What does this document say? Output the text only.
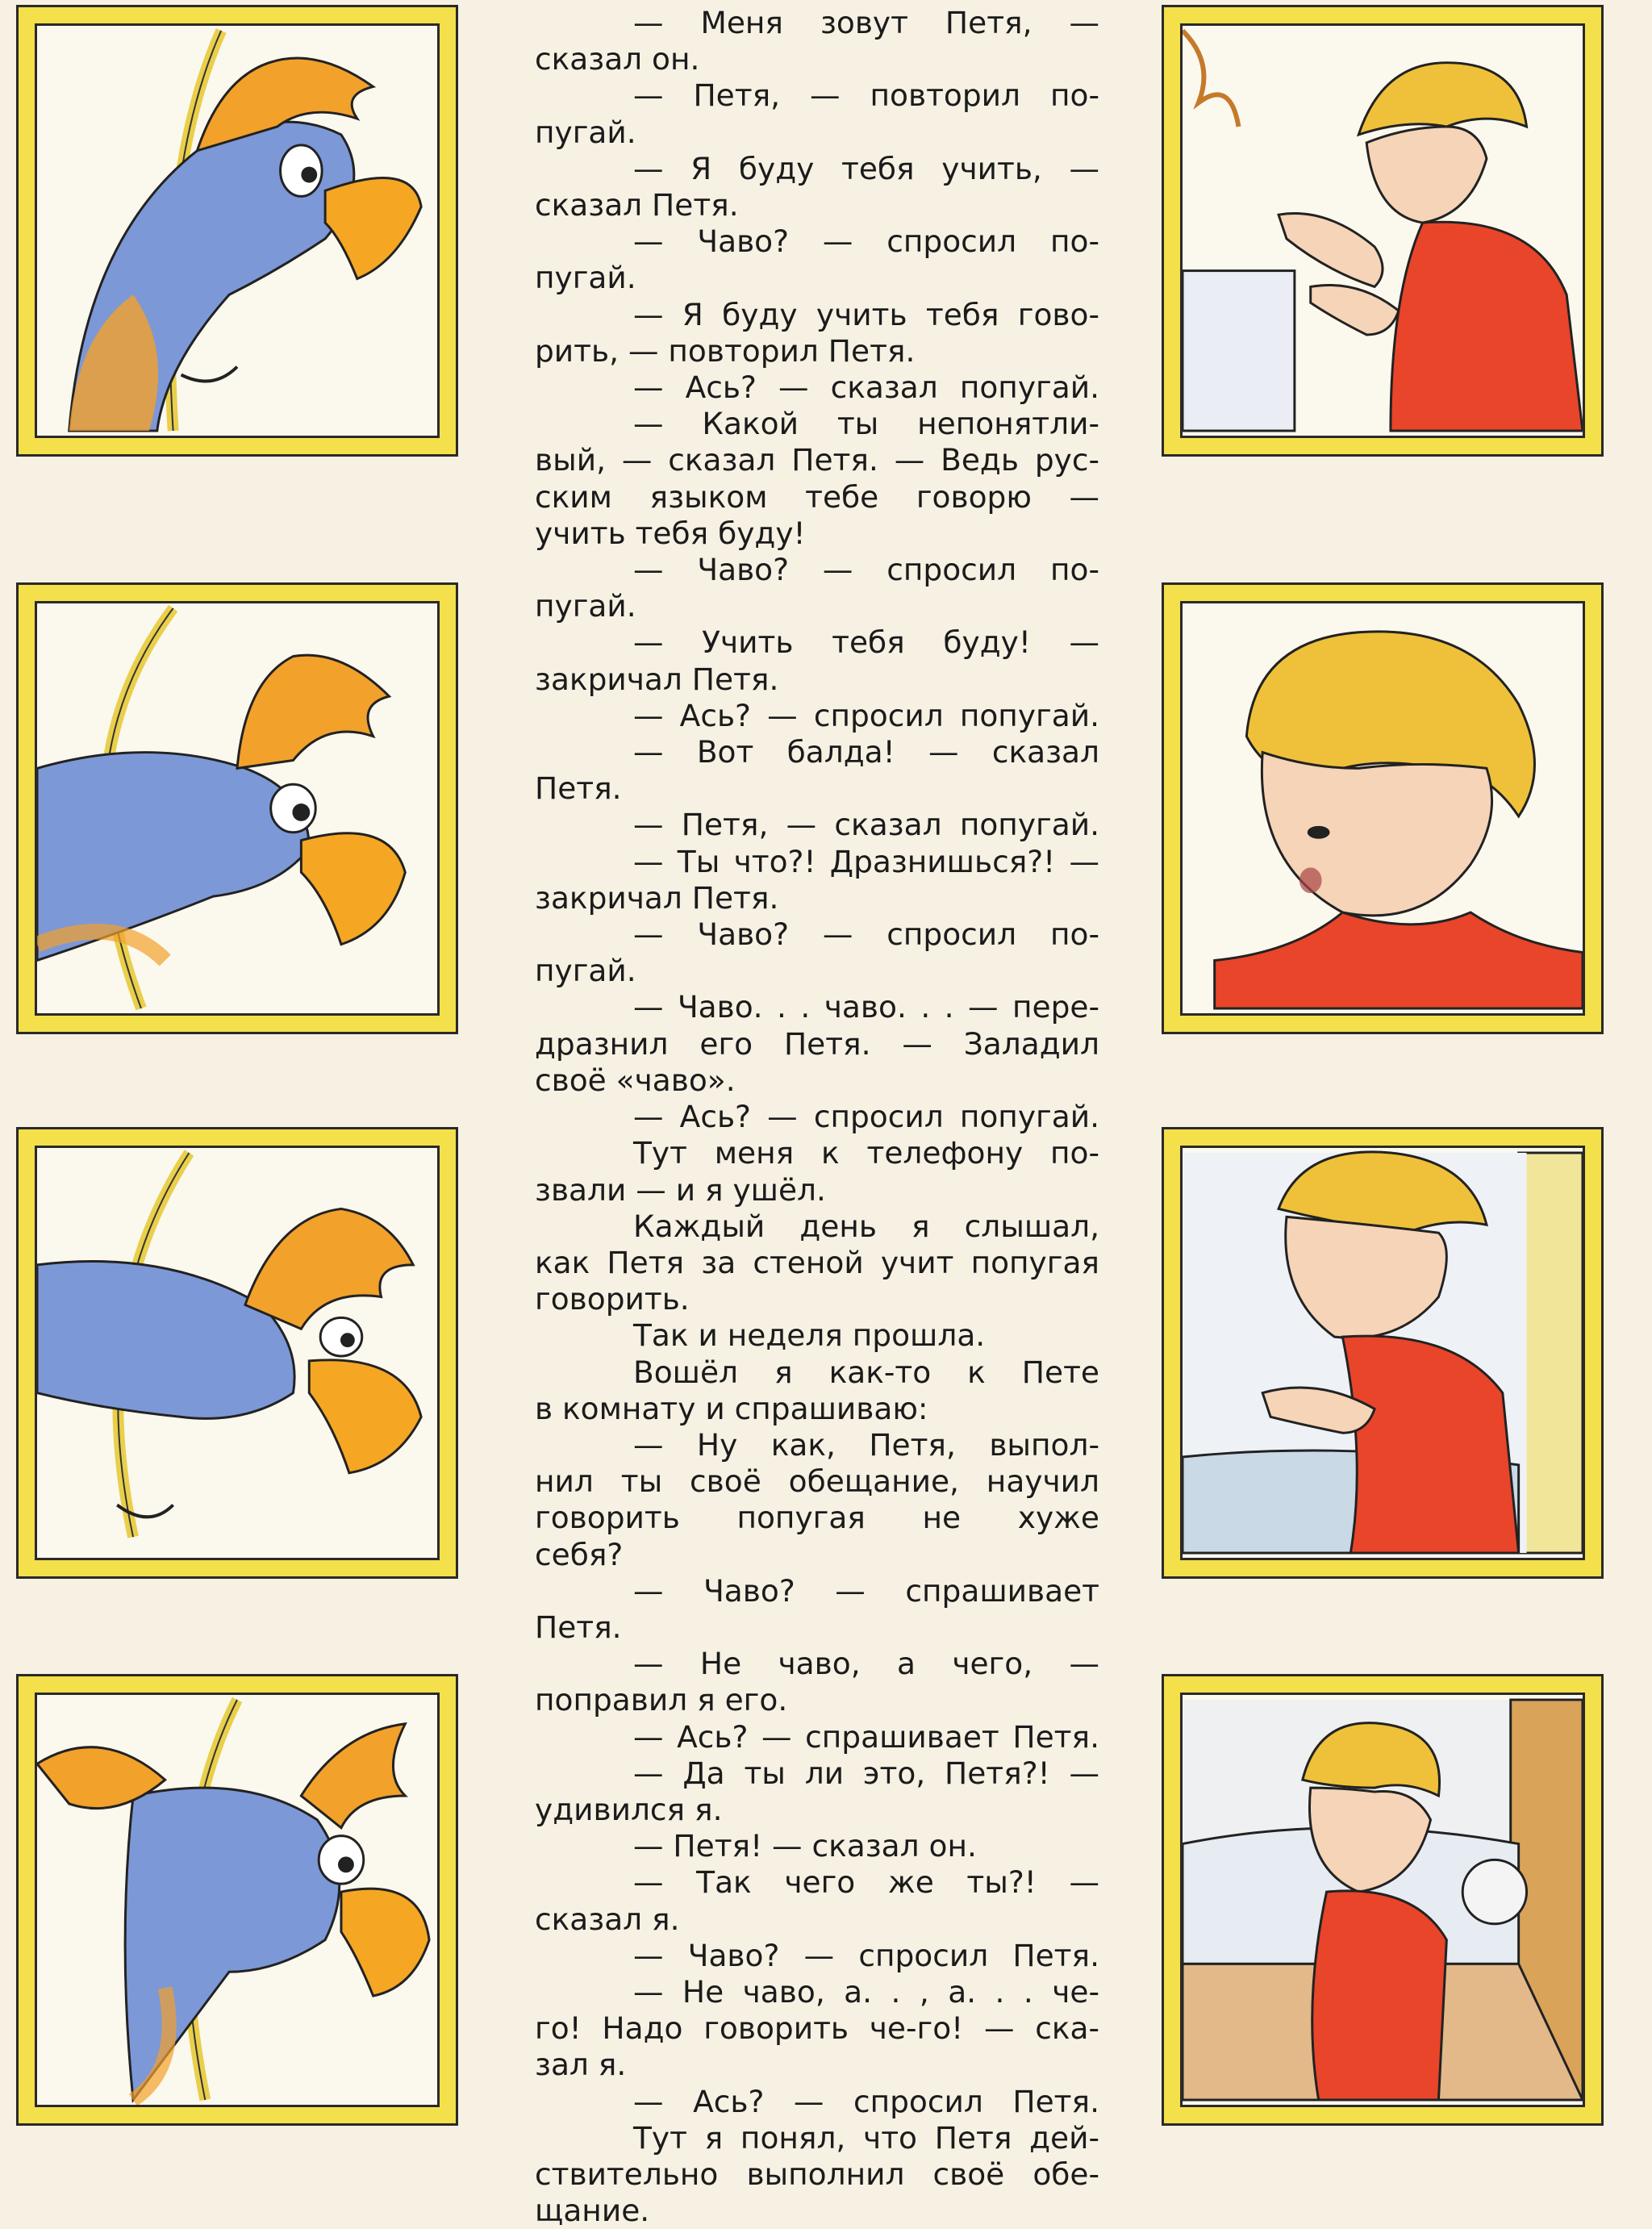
— Меня зовут Петя, —

сказал он.

— Петя, — повторил по-

пугай.

— Я буду тебя учить, —

сказал Петя.

— Чаво? — спросил по-

пугай.

— Я буду учить тебя гово-

рить, — повторил Петя.

— Ась? — сказал попугай.

— Какой ты непонятли-

вый, — сказал Петя. — Ведь рус-

ским языком тебе говорю —

учить тебя буду!

— Чаво? — спросил по-

пугай.

— Учить тебя буду! —

закричал Петя.

— Ась? — спросил попугай.

— Вот балда! — сказал

Петя.

— Петя, — сказал попугай.

— Ты что?! Дразнишься?! —

закричал Петя.

— Чаво? — спросил по-

пугай.

— Чаво. . . чаво. . . — пере-

дразнил его Петя. — Заладил

своё «чаво».

— Ась? — спросил попугай.

Тут меня к телефону по-

звали — и я ушёл.

Каждый день я слышал,

как Петя за стеной учит попугая

говорить.

Так и неделя прошла.

Вошёл я как-то к Пете

в комнату и спрашиваю:

— Ну как, Петя, выпол-

нил ты своё обещание, научил

говорить попугая не хуже

себя?

— Чаво? — спрашивает

Петя.

— Не чаво, а чего, —

поправил я его.

— Ась? — спрашивает Петя.

— Да ты ли это, Петя?! —

удивился я.

— Петя! — сказал он.

— Так чего же ты?! —

сказал я.

— Чаво? — спросил Петя.

— Не чаво, а. . , а. . . че-

го! Надо говорить че-го! — ска-

зал я.

— Ась? — спросил Петя.

Тут я понял, что Петя дей-

ствительно выполнил своё обе-

щание.
